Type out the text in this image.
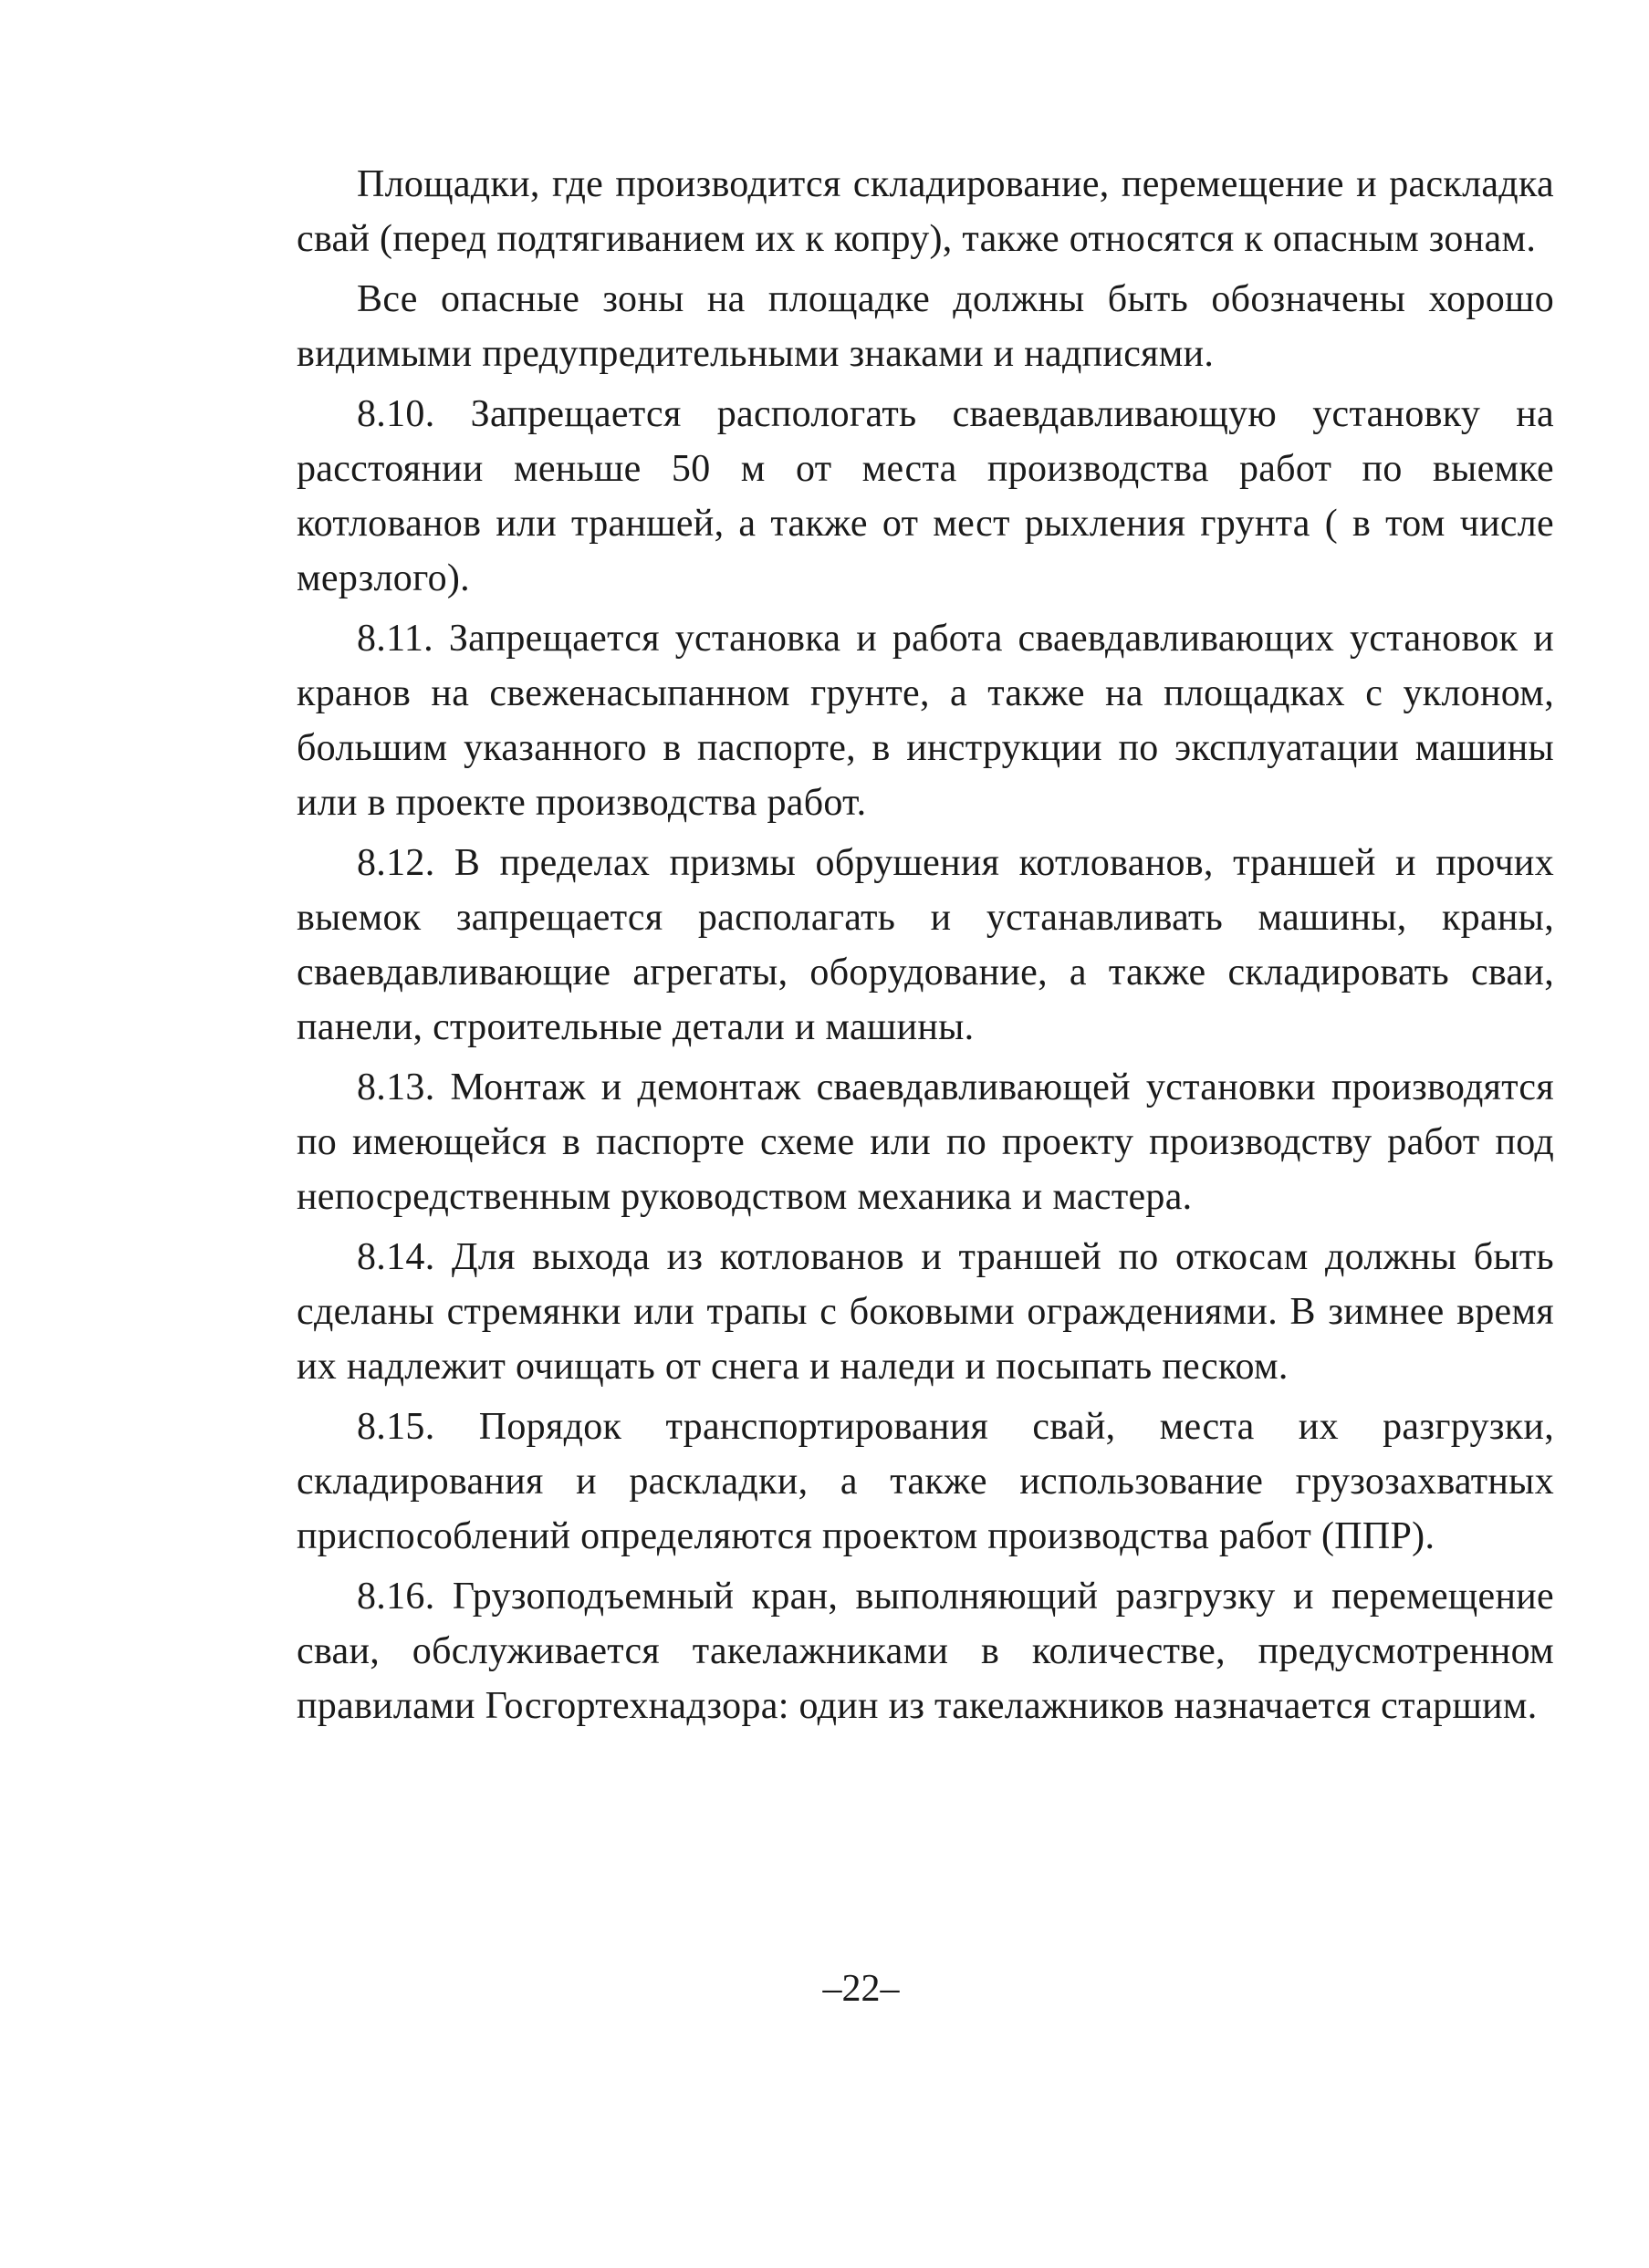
Площадки, где производится складирование, перемещение и раскладка свай (перед подтягиванием их к копру), также относятся к опасным зонам.

Все опасные зоны на площадке должны быть обозначены хорошо видимыми предупредительными знаками и надписями.

8.10. Запрещается распологать сваевдавливающую установку на расстоянии меньше 50 м от места производства работ по выемке котлованов или траншей, а также от мест рыхления грунта ( в том числе мерзлого).

8.11. Запрещается установка и работа сваевдавливающих установок и кранов на свеженасыпанном грунте, а также на площадках с уклоном, большим указанного в паспорте, в инструкции по эксплуатации машины или в проекте производства работ.

8.12. В пределах призмы обрушения котлованов, траншей и прочих выемок запрещается располагать и устанавливать машины, краны, сваевдавливающие агрегаты, оборудование, а также складировать сваи, панели, строительные детали и машины.

8.13. Монтаж и демонтаж сваевдавливающей установки производятся по имеющейся в паспорте схеме или по проекту производству работ под непосредственным руководством механика и мастера.

8.14. Для выхода из котлованов и траншей по откосам должны быть сделаны стремянки или трапы с боковыми ограждениями. В зимнее время их надлежит очищать от снега и наледи и посыпать песком.

8.15. Порядок транспортирования свай, места их разгрузки, складирования и раскладки, а также использование грузозахватных приспособлений определяются проектом производства работ (ППР).

8.16. Грузоподъемный кран, выполняющий разгрузку и перемещение сваи, обслуживается такелажниками в количестве, предусмотренном правилами Госгортехнадзора: один из такелажников назначается старшим.

–22–
